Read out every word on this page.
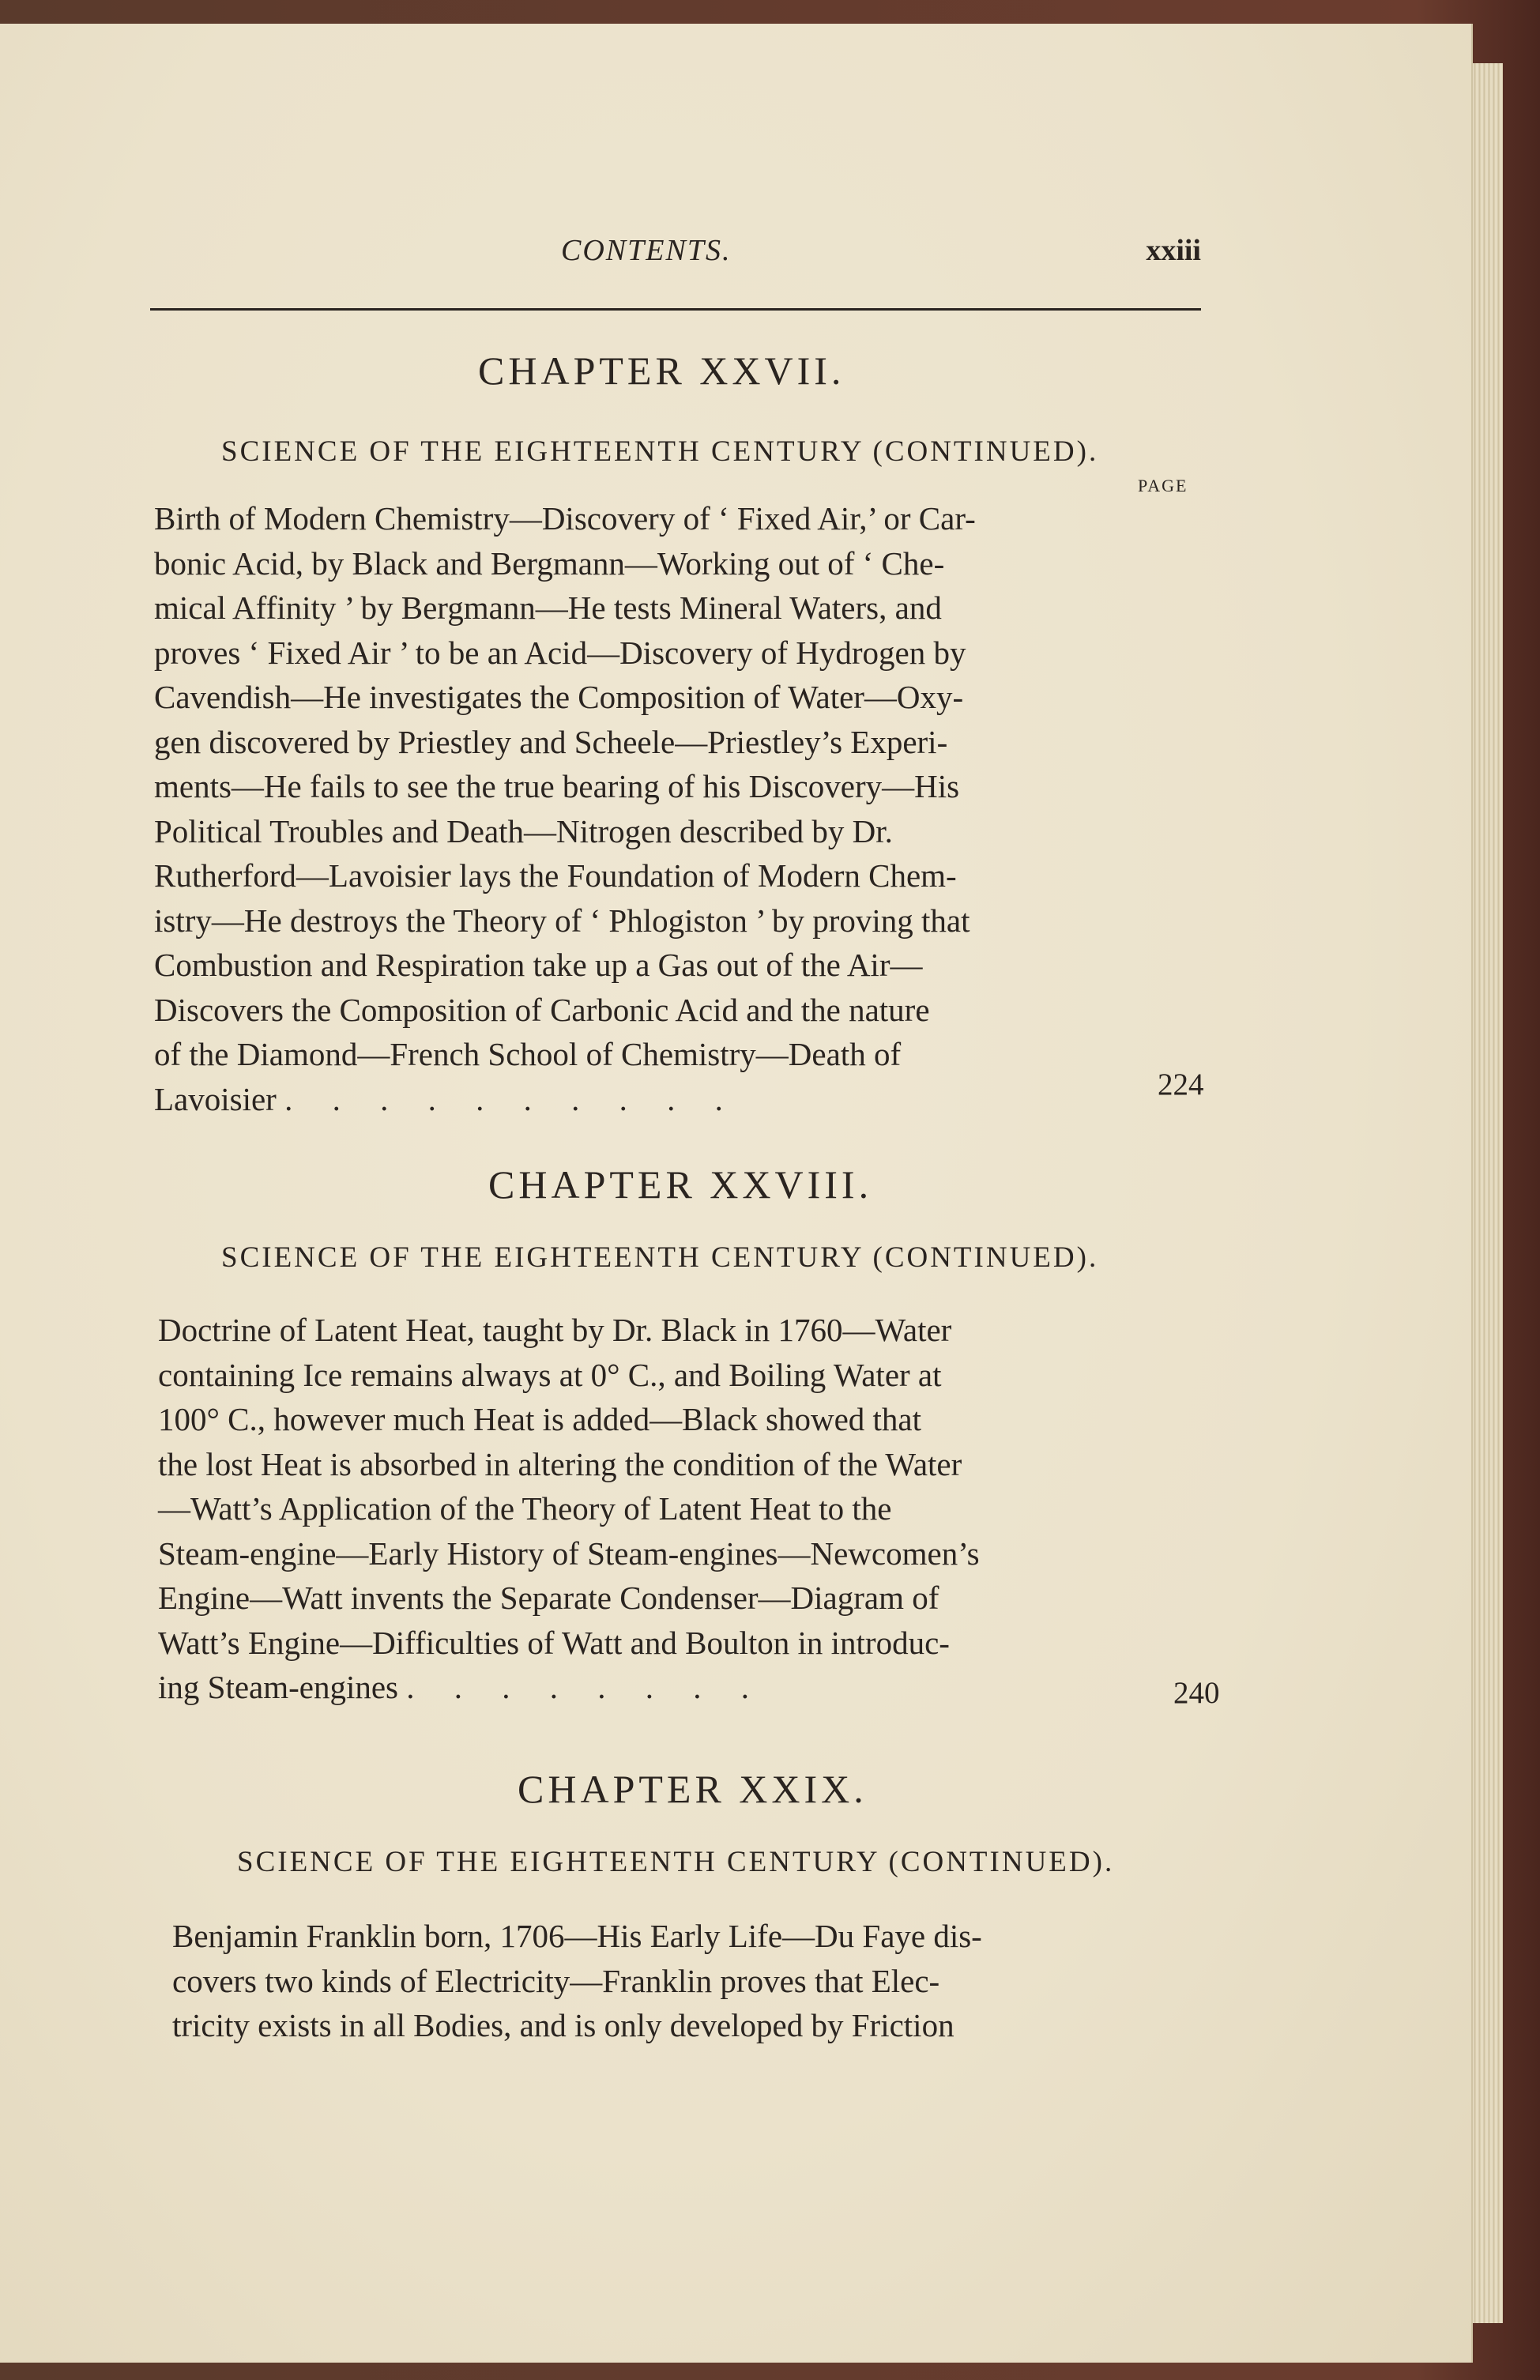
CONTENTS.	xxiii
CHAPTER XXVII.
SCIENCE OF THE EIGHTEENTH CENTURY (CONTINUED).
PAGE
Birth of Modern Chemistry—Discovery of ‘ Fixed Air,’ or Car-
bonic Acid, by Black and Bergmann—Working out of ‘ Che-
mical Affinity ’ by Bergmann—He tests Mineral Waters, and
proves ‘ Fixed Air ’ to be an Acid—Discovery of Hydrogen by
Cavendish—He investigates the Composition of Water—Oxy-
gen discovered by Priestley and Scheele—Priestley’s Experi-
ments—He fails to see the true bearing of his Discovery—His
Political Troubles and Death—Nitrogen described by Dr.
Rutherford—Lavoisier lays the Foundation of Modern Chem-
istry—He destroys the Theory of ‘ Phlogiston ’ by proving that
Combustion and Respiration take up a Gas out of the Air—
Discovers the Composition of Carbonic Acid and the nature
of the Diamond—French School of Chemistry—Death of
Lavoisier . . . . . . . . . .	224
CHAPTER XXVIII.
SCIENCE OF THE EIGHTEENTH CENTURY (CONTINUED).
Doctrine of Latent Heat, taught by Dr. Black in 1760—Water
containing Ice remains always at 0° C., and Boiling Water at
100° C., however much Heat is added—Black showed that
the lost Heat is absorbed in altering the condition of the Water
—Watt’s Application of the Theory of Latent Heat to the
Steam-engine—Early History of Steam-engines—Newcomen’s
Engine—Watt invents the Separate Condenser—Diagram of
Watt’s Engine—Difficulties of Watt and Boulton in introduc-
ing Steam-engines . . . . . . . .	240
CHAPTER XXIX.
SCIENCE OF THE EIGHTEENTH CENTURY (CONTINUED).
Benjamin Franklin born, 1706—His Early Life—Du Faye dis-
covers two kinds of Electricity—Franklin proves that Elec-
tricity exists in all Bodies, and is only developed by Friction
